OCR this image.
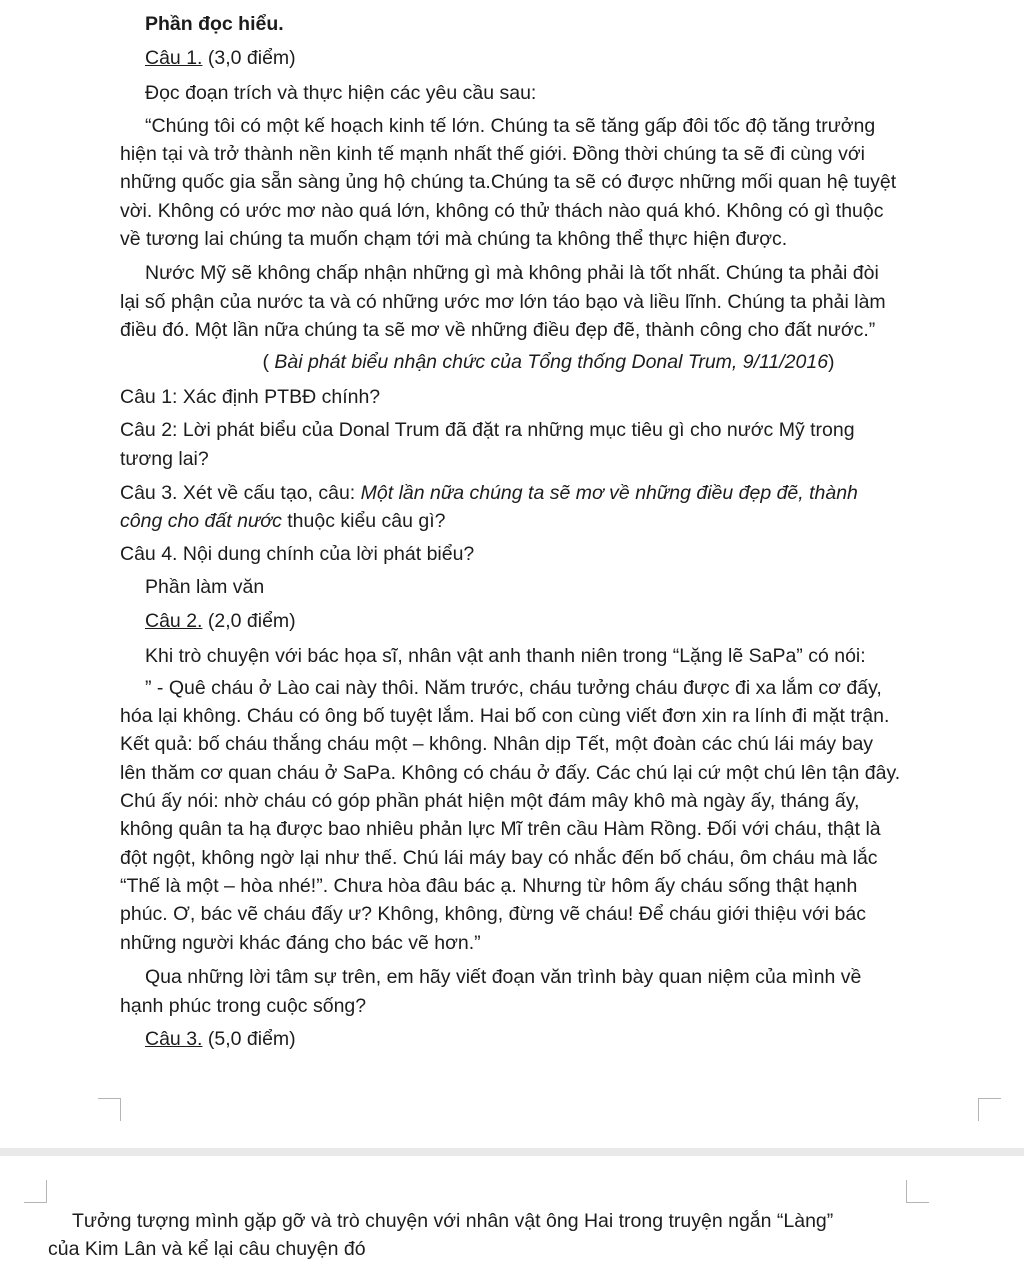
Phần đọc hiểu.

Câu 1. (3,0 điểm)

Đọc đoạn trích và thực hiện các yêu cầu sau:

“Chúng tôi có một kế hoạch kinh tế lớn. Chúng ta sẽ tăng gấp đôi tốc độ tăng trưởng

hiện tại và trở thành nền kinh tế mạnh nhất thế giới. Đồng thời chúng ta sẽ đi cùng với

những quốc gia sẵn sàng ủng hộ chúng ta.Chúng ta sẽ có được những mối quan hệ tuyệt

vời. Không có ước mơ nào quá lớn, không có thử thách nào quá khó. Không có gì thuộc

về tương lai chúng ta muốn chạm tới mà chúng ta không thể thực hiện được.

Nước Mỹ sẽ không chấp nhận những gì mà không phải là tốt nhất. Chúng ta phải đòi

lại số phận của nước ta và có những ước mơ lớn táo bạo và liều lĩnh. Chúng ta phải làm

điều đó. Một lần nữa chúng ta sẽ mơ về những điều đẹp đẽ, thành công cho đất nước.”

( Bài phát biểu nhận chức của Tổng thống Donal Trum, 9/11/2016)

Câu 1: Xác định PTBĐ chính?

Câu 2: Lời phát biểu của Donal Trum đã đặt ra những mục tiêu gì cho nước Mỹ trong

tương lai?

Câu 3. Xét về cấu tạo, câu: Một lần nữa chúng ta sẽ mơ về những điều đẹp đẽ, thành

công cho đất nước thuộc kiểu câu gì?

Câu 4. Nội dung chính của lời phát biểu?

Phần làm văn

Câu 2. (2,0 điểm)

Khi trò chuyện với bác họa sĩ, nhân vật anh thanh niên trong “Lặng lẽ SaPa” có nói:

” - Quê cháu ở Lào cai này thôi. Năm trước, cháu tưởng cháu được đi xa lắm cơ đấy,

hóa lại không. Cháu có ông bố tuyệt lắm. Hai bố con cùng viết đơn xin ra lính đi mặt trận.

Kết quả: bố cháu thắng cháu một – không. Nhân dịp Tết, một đoàn các chú lái máy bay

lên thăm cơ quan cháu ở SaPa. Không có cháu ở đấy. Các chú lại cứ một chú lên tận đây.

Chú ấy nói: nhờ cháu có góp phần phát hiện một đám mây khô mà ngày ấy, tháng ấy,

không quân ta hạ được bao nhiêu phản lực Mĩ trên cầu Hàm Rồng. Đối với cháu, thật là

đột ngột, không ngờ lại như thế. Chú lái máy bay có nhắc đến bố cháu, ôm cháu mà lắc

“Thế là một – hòa nhé!”. Chưa hòa đâu bác ạ. Nhưng từ hôm ấy cháu sống thật hạnh

phúc. Ơ, bác vẽ cháu đấy ư? Không, không, đừng vẽ cháu! Để cháu giới thiệu với bác

những người khác đáng cho bác vẽ hơn.”

Qua những lời tâm sự trên, em hãy viết đoạn văn trình bày quan niệm của mình về

hạnh phúc trong cuộc sống?

Câu 3. (5,0 điểm)

Tưởng tượng mình gặp gỡ và trò chuyện với nhân vật ông Hai trong truyện ngắn “Làng”

của Kim Lân và kể lại câu chuyện đó
